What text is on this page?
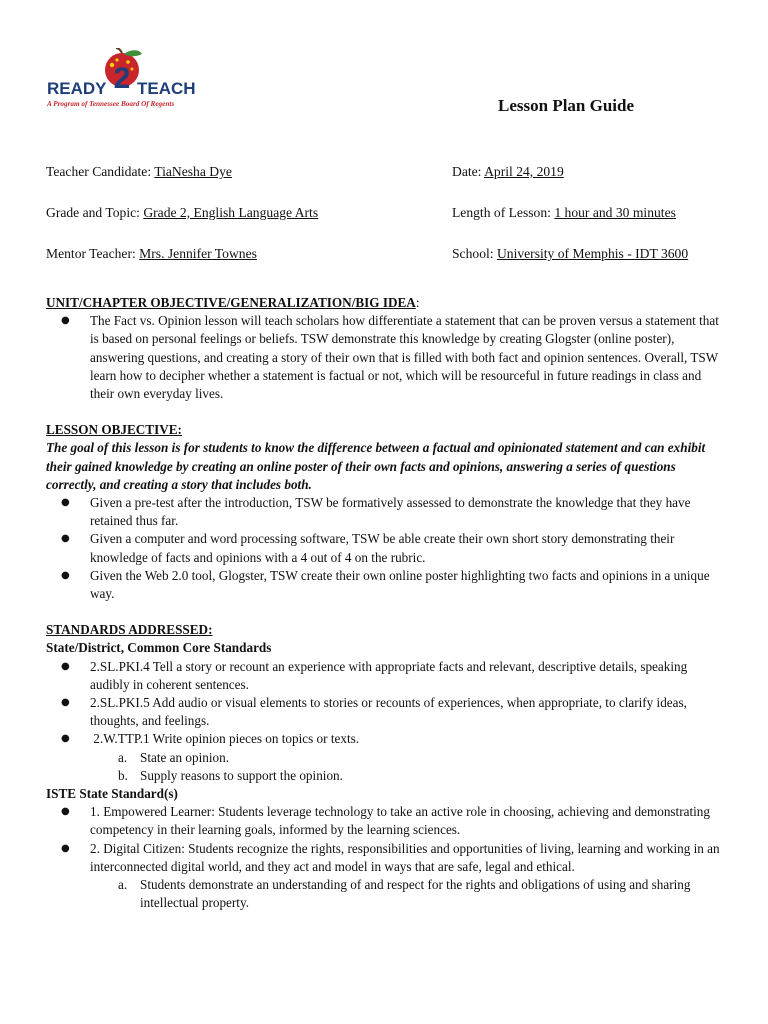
2
READY TEACH
A Program of Tennessee Board Of Regents	Lesson Plan Guide
Teacher Candidate: TiaNesha Dye	Date: April 24, 2019
Grade and Topic: Grade 2, English Language Arts	Length of Lesson: 1 hour and 30 minutes
Mentor Teacher: Mrs. Jennifer Townes	School: University of Memphis - IDT 3600
UNIT/CHAPTER OBJECTIVE/GENERALIZATION/BIG IDEA:
● The Fact vs. Opinion lesson will teach scholars how differentiate a statement that can be proven versus a statement that is based on personal feelings or beliefs. TSW demonstrate this knowledge by creating Glogster (online poster), answering questions, and creating a story of their own that is filled with both fact and opinion sentences. Overall, TSW learn how to decipher whether a statement is factual or not, which will be resourceful in future readings in class and their own everyday lives.

LESSON OBJECTIVE:

The goal of this lesson is for students to know the difference between a factual and opinionated statement and can exhibit their gained knowledge by creating an online poster of their own facts and opinions, answering a series of questions correctly, and creating a story that includes both.

● Given a pre-test after the introduction, TSW be formatively assessed to demonstrate the knowledge that they have retained thus far.
● Given a computer and word processing software, TSW be able create their own short story demonstrating their knowledge of facts and opinions with a 4 out of 4 on the rubric.
● Given the Web 2.0 tool, Glogster, TSW create their own online poster highlighting two facts and opinions in a unique way.

STANDARDS ADDRESSED:

State/District, Common Core Standards

● 2.SL.PKI.4 Tell a story or recount an experience with appropriate facts and relevant, descriptive details, speaking audibly in coherent sentences.
● 2.SL.PKI.5 Add audio or visual elements to stories or recounts of experiences, when appropriate, to clarify ideas, thoughts, and feelings.
●  2.W.TTP.1 Write opinion pieces on topics or texts.
a. State an opinion.
b. Supply reasons to support the opinion.

ISTE State Standard(s)

● 1. Empowered Learner: Students leverage technology to take an active role in choosing, achieving and demonstrating competency in their learning goals, informed by the learning sciences.
● 2. Digital Citizen: Students recognize the rights, responsibilities and opportunities of living, learning and working in an interconnected digital world, and they act and model in ways that are safe, legal and ethical.
a. Students demonstrate an understanding of and respect for the rights and obligations of using and sharing intellectual property.
